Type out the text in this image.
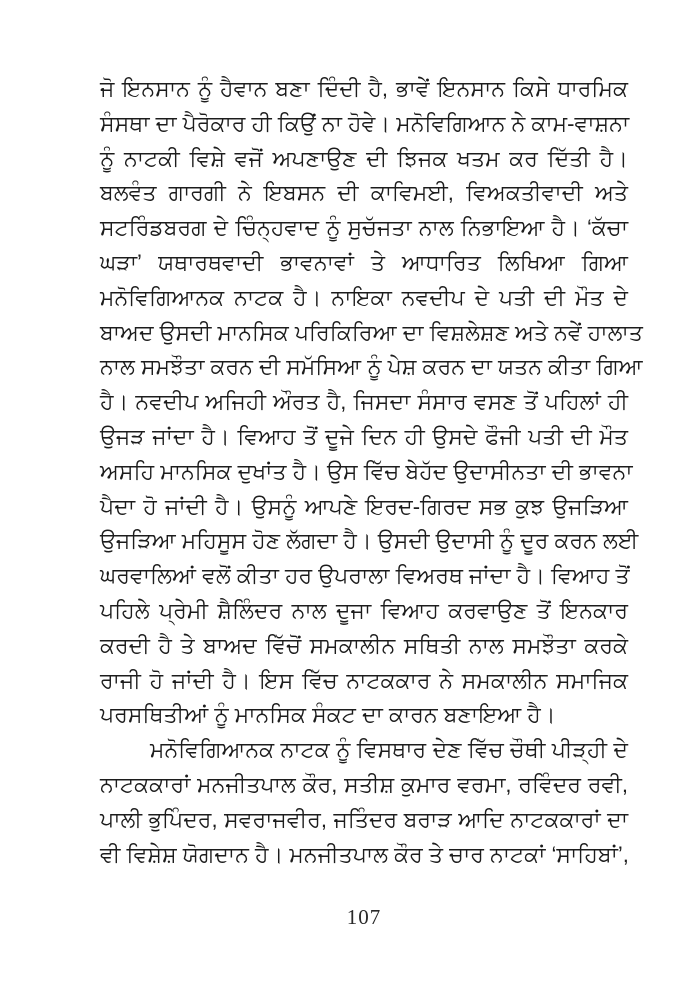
ਜੋ ਇਨਸਾਨ ਨੂੰ ਹੈਵਾਨ ਬਣਾ ਦਿੰਦੀ ਹੈ, ਭਾਵੇਂ ਇਨਸਾਨ ਕਿਸੇ ਧਾਰਮਿਕ
ਸੰਸਥਾ ਦਾ ਪੈਰੋਕਾਰ ਹੀ ਕਿਉਂ ਨਾ ਹੋਵੇ। ਮਨੋਵਿਗਿਆਨ ਨੇ ਕਾਮ-ਵਾਸ਼ਨਾ
ਨੂੰ ਨਾਟਕੀ ਵਿਸ਼ੇ ਵਜੋਂ ਅਪਣਾਉਣ ਦੀ ਝਿਜਕ ਖਤਮ ਕਰ ਦਿੱਤੀ ਹੈ।
ਬਲਵੰਤ ਗਾਰਗੀ ਨੇ ਇਬਸਨ ਦੀ ਕਾਵਿਮਈ, ਵਿਅਕਤੀਵਾਦੀ ਅਤੇ
ਸਟਰਿੰਡਬਰਗ ਦੇ ਚਿੰਨ੍ਹਵਾਦ ਨੂੰ ਸੁਚੱਜਤਾ ਨਾਲ ਨਿਭਾਇਆ ਹੈ। ‘ਕੱਚਾ
ਘੜਾ’ ਯਥਾਰਥਵਾਦੀ ਭਾਵਨਾਵਾਂ ਤੇ ਆਧਾਰਿਤ ਲਿਖਿਆ ਗਿਆ
ਮਨੋਵਿਗਿਆਨਕ ਨਾਟਕ ਹੈ। ਨਾਇਕਾ ਨਵਦੀਪ ਦੇ ਪਤੀ ਦੀ ਮੌਤ ਦੇ
ਬਾਅਦ ਉਸਦੀ ਮਾਨਸਿਕ ਪਰਿਕਿਰਿਆ ਦਾ ਵਿਸ਼ਲੇਸ਼ਣ ਅਤੇ ਨਵੇਂ ਹਾਲਾਤ
ਨਾਲ ਸਮਝੌਤਾ ਕਰਨ ਦੀ ਸਮੱਸਿਆ ਨੂੰ ਪੇਸ਼ ਕਰਨ ਦਾ ਯਤਨ ਕੀਤਾ ਗਿਆ
ਹੈ। ਨਵਦੀਪ ਅਜਿਹੀ ਔਰਤ ਹੈ, ਜਿਸਦਾ ਸੰਸਾਰ ਵਸਣ ਤੋਂ ਪਹਿਲਾਂ ਹੀ
ਉਜੜ ਜਾਂਦਾ ਹੈ। ਵਿਆਹ ਤੋਂ ਦੂਜੇ ਦਿਨ ਹੀ ਉਸਦੇ ਫੌਜੀ ਪਤੀ ਦੀ ਮੌਤ
ਅਸਹਿ ਮਾਨਸਿਕ ਦੁਖਾਂਤ ਹੈ। ਉਸ ਵਿੱਚ ਬੇਹੱਦ ਉਦਾਸੀਨਤਾ ਦੀ ਭਾਵਨਾ
ਪੈਦਾ ਹੋ ਜਾਂਦੀ ਹੈ। ਉਸਨੂੰ ਆਪਣੇ ਇਰਦ-ਗਿਰਦ ਸਭ ਕੁਝ ਉਜੜਿਆ
ਉਜੜਿਆ ਮਹਿਸੂਸ ਹੋਣ ਲੱਗਦਾ ਹੈ। ਉਸਦੀ ਉਦਾਸੀ ਨੂੰ ਦੂਰ ਕਰਨ ਲਈ
ਘਰਵਾਲਿਆਂ ਵਲੋਂ ਕੀਤਾ ਹਰ ਉਪਰਾਲਾ ਵਿਅਰਥ ਜਾਂਦਾ ਹੈ। ਵਿਆਹ ਤੋਂ
ਪਹਿਲੇ ਪ੍ਰੇਮੀ ਸ਼ੈਲਿੰਦਰ ਨਾਲ ਦੂਜਾ ਵਿਆਹ ਕਰਵਾਉਣ ਤੋਂ ਇਨਕਾਰ
ਕਰਦੀ ਹੈ ਤੇ ਬਾਅਦ ਵਿੱਚੋਂ ਸਮਕਾਲੀਨ ਸਥਿਤੀ ਨਾਲ ਸਮਝੌਤਾ ਕਰਕੇ
ਰਾਜੀ ਹੋ ਜਾਂਦੀ ਹੈ। ਇਸ ਵਿੱਚ ਨਾਟਕਕਾਰ ਨੇ ਸਮਕਾਲੀਨ ਸਮਾਜਿਕ
ਪਰਸਥਿਤੀਆਂ ਨੂੰ ਮਾਨਸਿਕ ਸੰਕਟ ਦਾ ਕਾਰਨ ਬਣਾਇਆ ਹੈ।
ਮਨੋਵਿਗਿਆਨਕ ਨਾਟਕ ਨੂੰ ਵਿਸਥਾਰ ਦੇਣ ਵਿੱਚ ਚੌਥੀ ਪੀੜ੍ਹੀ ਦੇ
ਨਾਟਕਕਾਰਾਂ ਮਨਜੀਤਪਾਲ ਕੌਰ, ਸਤੀਸ਼ ਕੁਮਾਰ ਵਰਮਾ, ਰਵਿੰਦਰ ਰਵੀ,
ਪਾਲੀ ਭੁਪਿੰਦਰ, ਸਵਰਾਜਵੀਰ, ਜਤਿੰਦਰ ਬਰਾੜ ਆਦਿ ਨਾਟਕਕਾਰਾਂ ਦਾ
ਵੀ ਵਿਸ਼ੇਸ਼ ਯੋਗਦਾਨ ਹੈ। ਮਨਜੀਤਪਾਲ ਕੌਰ ਤੇ ਚਾਰ ਨਾਟਕਾਂ ‘ਸਾਹਿਬਾਂ’,
107
